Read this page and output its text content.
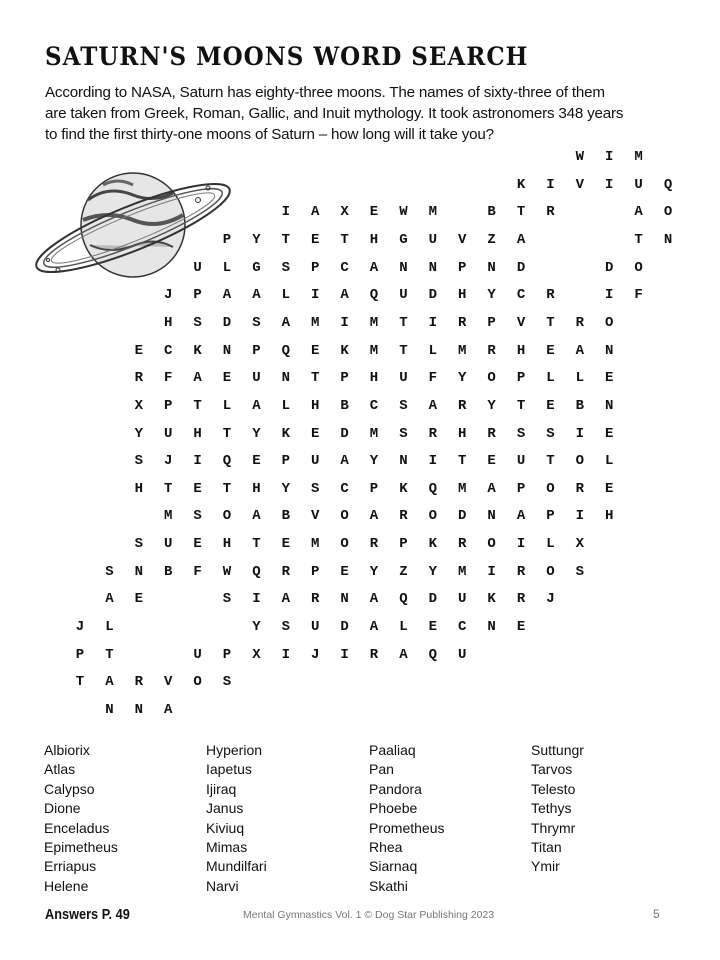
SATURN'S MOONS WORD SEARCH
According to NASA, Saturn has eighty-three moons. The names of sixty-three of them
are taken from Greek, Roman, Gallic, and Inuit mythology. It took astronomers 348 years
to find the first thirty-one moons of Saturn – how long will it take you?
WIM
KIVIUQ
IAXEWM BTR  AO
PYTETHGUVZA   TN
ULGSPCANNPND  DO
JPAALIAQUDHYCR IF
HSDSAMIMTIRPVTRO
ECKNPQEKMTLMRHEAN
RFAEUNTPHUFYOPLLE
XPTLALHBCSARYTEBN
YUHTYKEDMSRHRSSIE
SJIQEPUAYNITEUTOL
HTETHYSCPKQMAPORE
MSOABVOARODNAPIH
SUEHTEMORPKROILX
SNBFWQRPEYZYMIROS
AE  SIARNAQDUKRJ
JL    YSUDALECNE
PT  UPXIJIRAQU
TARVOS
NNA
Albiorix
Atlas
Calypso
Dione
Enceladus
Epimetheus
Erriapus
Helene
Hyperion
Iapetus
Ijiraq
Janus
Kiviuq
Mimas
Mundilfari
Narvi
Paaliaq
Pan
Pandora
Phoebe
Prometheus
Rhea
Siarnaq
Skathi
Suttungr
Tarvos
Telesto
Tethys
Thrymr
Titan
Ymir
Answers P. 49	Mental Gymnastics Vol. 1 © Dog Star Publishing 2023	5
